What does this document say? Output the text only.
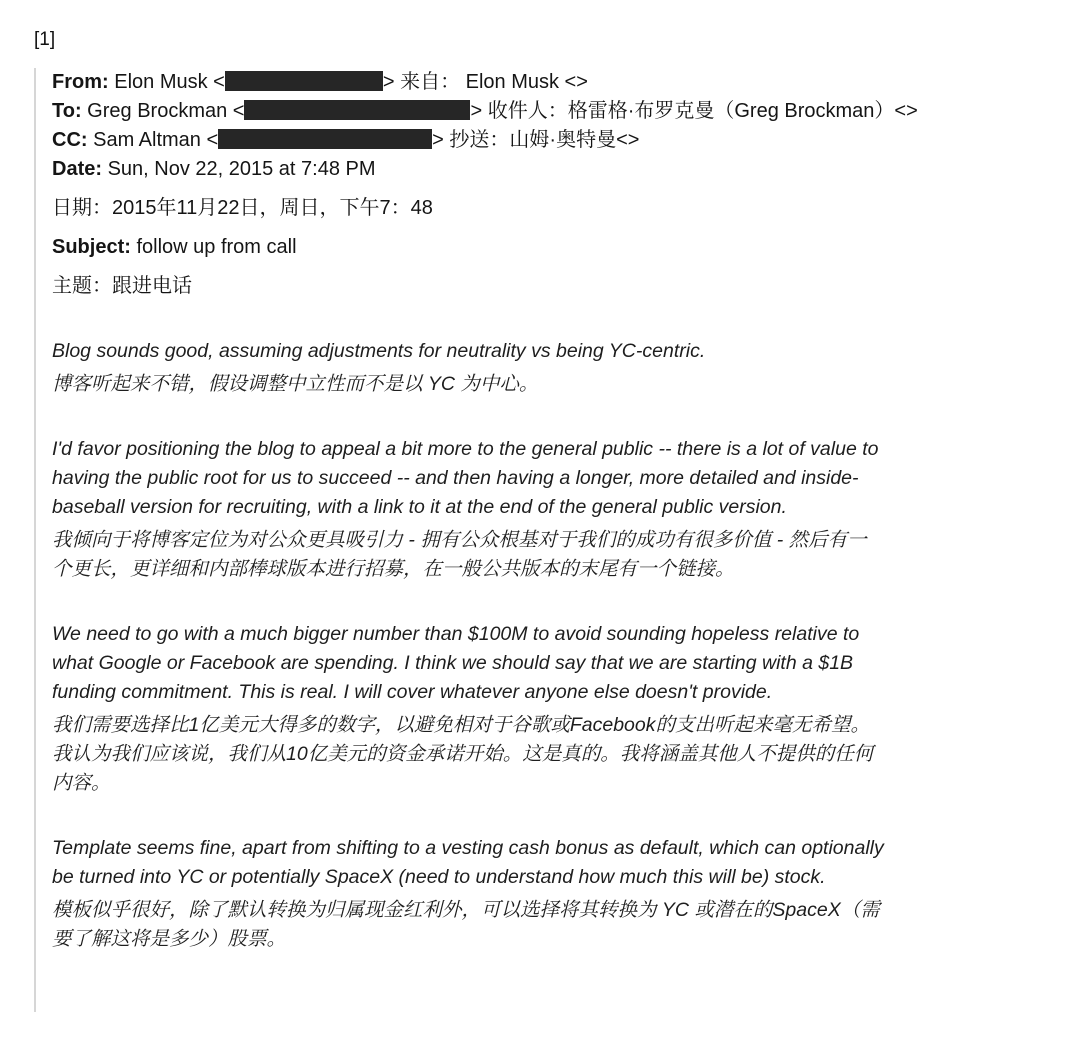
[1]
From: Elon Musk <	> 来自： Elon Musk <>
To: Greg Brockman <	> 收件人：格雷格·布罗克曼（Greg Brockman）<>
CC: Sam Altman <	> 抄送：山姆·奥特曼<>
Date: Sun, Nov 22, 2015 at 7:48 PM
日期：2015年11月22日，周日，下午7：48
Subject: follow up from call
主题：跟进电话
Blog sounds good, assuming adjustments for neutrality vs being YC-centric.
博客听起来不错，假设调整中立性而不是以 YC 为中心。
I'd favor positioning the blog to appeal a bit more to the general public -- there is a lot of value to
having the public root for us to succeed -- and then having a longer, more detailed and inside-
baseball version for recruiting, with a link to it at the end of the general public version.
我倾向于将博客定位为对公众更具吸引力 - 拥有公众根基对于我们的成功有很多价值 - 然后有一
个更长，更详细和内部棒球版本进行招募，在一般公共版本的末尾有一个链接。
We need to go with a much bigger number than $100M to avoid sounding hopeless relative to
what Google or Facebook are spending. I think we should say that we are starting with a $1B
funding commitment. This is real. I will cover whatever anyone else doesn't provide.
我们需要选择比1亿美元大得多的数字，以避免相对于谷歌或Facebook的支出听起来毫无希望。
我认为我们应该说，我们从10亿美元的资金承诺开始。这是真的。我将涵盖其他人不提供的任何
内容。
Template seems fine, apart from shifting to a vesting cash bonus as default, which can optionally
be turned into YC or potentially SpaceX (need to understand how much this will be) stock.
模板似乎很好，除了默认转换为归属现金红利外，可以选择将其转换为 YC 或潜在的SpaceX（需
要了解这将是多少）股票。
